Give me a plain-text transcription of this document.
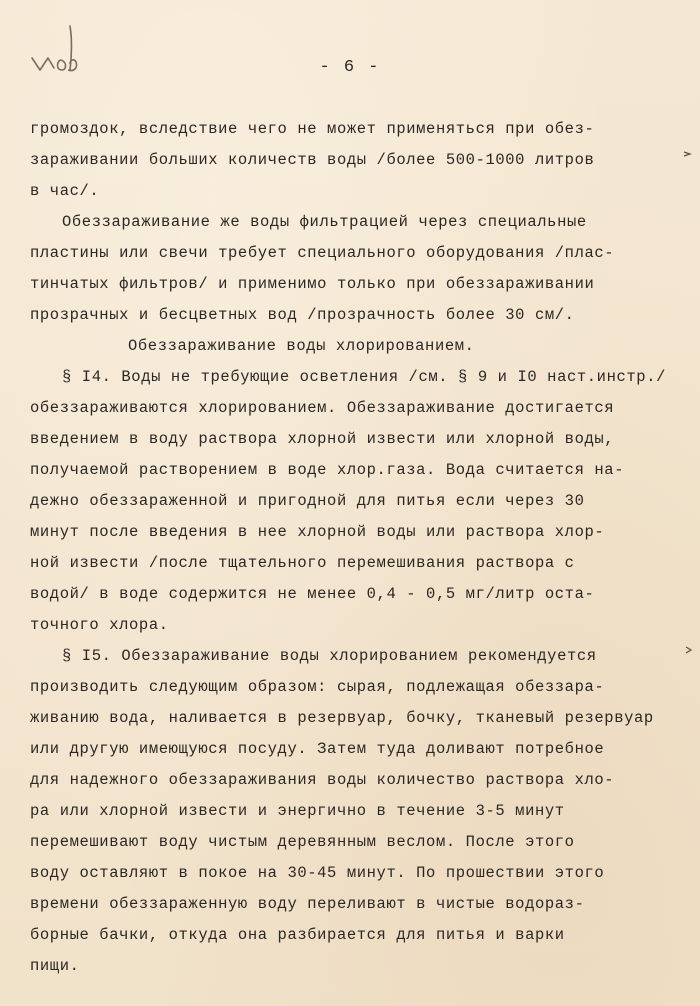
- 6 -
громоздок, вследствие чего не может применяться при обез-
зараживании больших количеств воды /более 500-1000 литров
в час/.
Обеззараживание же воды фильтрацией через специальные
пластины или свечи требует специального оборудования /плас-
тинчатых фильтров/ и применимо только при обеззараживании
прозрачных и бесцветных вод /прозрачность более 30 см/.
Обеззараживание воды хлорированием.
§ I4. Воды не требующие осветления /см. § 9 и I0 наст.инстр./
обеззараживаются хлорированием. Обеззараживание достигается
введением в воду раствора хлорной извести или хлорной воды,
получаемой растворением в воде хлор.газа. Вода считается на-
дежно обеззараженной и пригодной для питья если через 30
минут после введения в нее хлорной воды или раствора хлор-
ной извести /после тщательного перемешивания раствора с
водой/ в воде содержится не менее 0,4 - 0,5 мг/литр оста-
точного хлора.
§ I5. Обеззараживание воды хлорированием рекомендуется
производить следующим образом: сырая, подлежащая обеззара-
живанию вода, наливается в резервуар, бочку, тканевый резервуар
или другую имеющуюся посуду. Затем туда доливают потребное
для надежного обеззараживания воды количество раствора хло-
ра или хлорной извести и энергично в течение 3-5 минут
перемешивают воду чистым деревянным веслом. После этого
воду оставляют в покое на 30-45 минут. По прошествии этого
времени обеззараженную воду переливают в чистые водораз-
борные бачки, откуда она разбирается для питья и варки
пищи.
